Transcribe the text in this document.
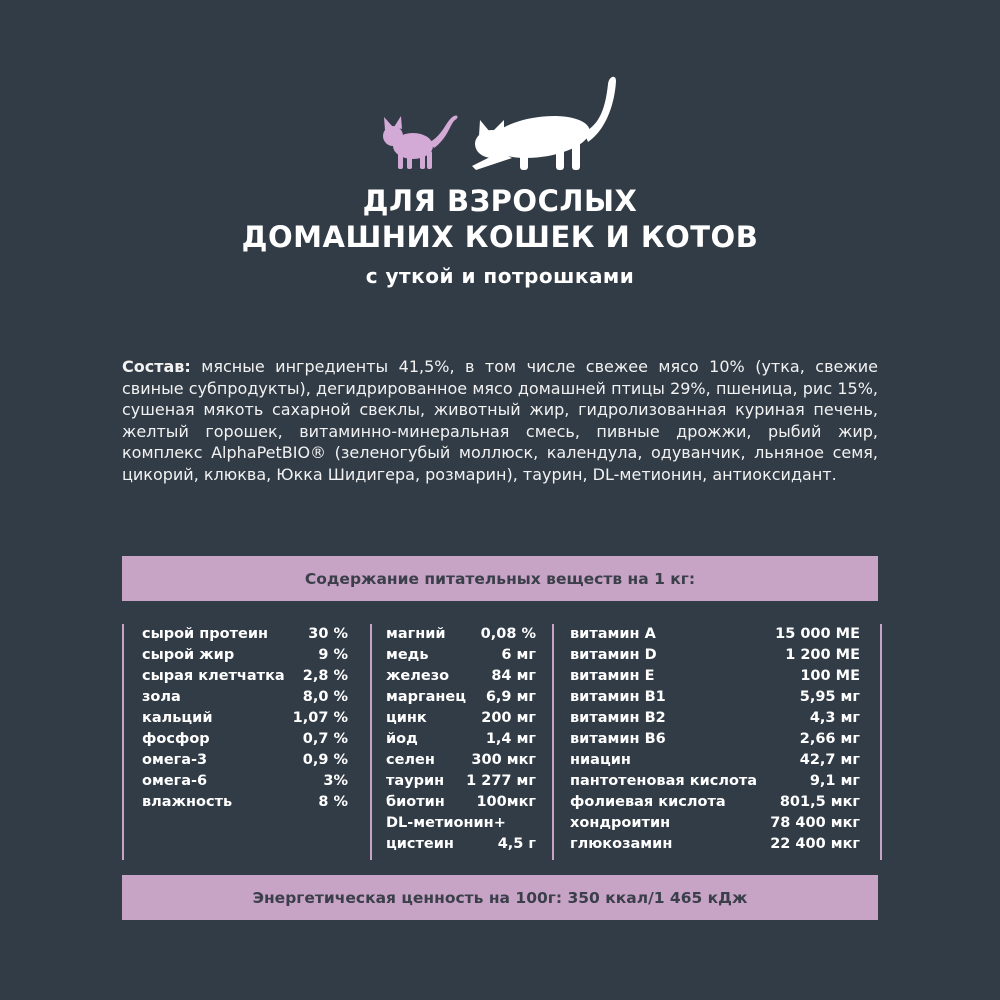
ДЛЯ ВЗРОСЛЫХ
ДОМАШНИХ КОШЕК И КОТОВ
с уткой и потрошками
Состав: мясные ингредиенты 41,5%, в том числе свежее мясо 10% (утка, свежие свиные субпродукты), дегидрированное мясо домашней птицы 29%, пшеница, рис 15%, сушеная мякоть сахарной свеклы, животный жир, гидролизованная куриная печень, желтый горошек, витаминно-минеральная смесь, пивные дрожжи, рыбий жир, комплекс AlphaPetBIO® (зеленогубый моллюск, календула, одуванчик, льняное семя, цикорий, клюква, Юкка Шидигера, розмарин), таурин, DL-метионин, антиоксидант.
Содержание питательных веществ на 1 кг:
сырой протеин	30 %
сырой жир	9 %
сырая клетчатка 2,8 %
зола	8,0 %
кальций	1,07 %
фосфор	0,7 %
омега-3	0,9 %
омега-6	3%
влажность	8 %
магний 0,08 %
медь	6 мг
железо	84 мг
марганец 6,9 мг
цинк	200 мг
йод	1,4 мг
селен	300 мкг
таурин 1 277 мг
биотин 100мкг
DL-метионин+
цистеин	4,5 г
витамин A	15 000 МЕ
витамин D	1 200 МЕ
витамин E	100 МЕ
витамин B1	5,95 мг
витамин B2	4,3 мг
витамин B6	2,66 мг
ниацин	42,7 мг
пантотеновая кислота	9,1 мг
фолиевая кислота	801,5 мкг
хондроитин	78 400 мкг
глюкозамин	22 400 мкг
Энергетическая ценность на 100г: 350 ккал/1 465 кДж
